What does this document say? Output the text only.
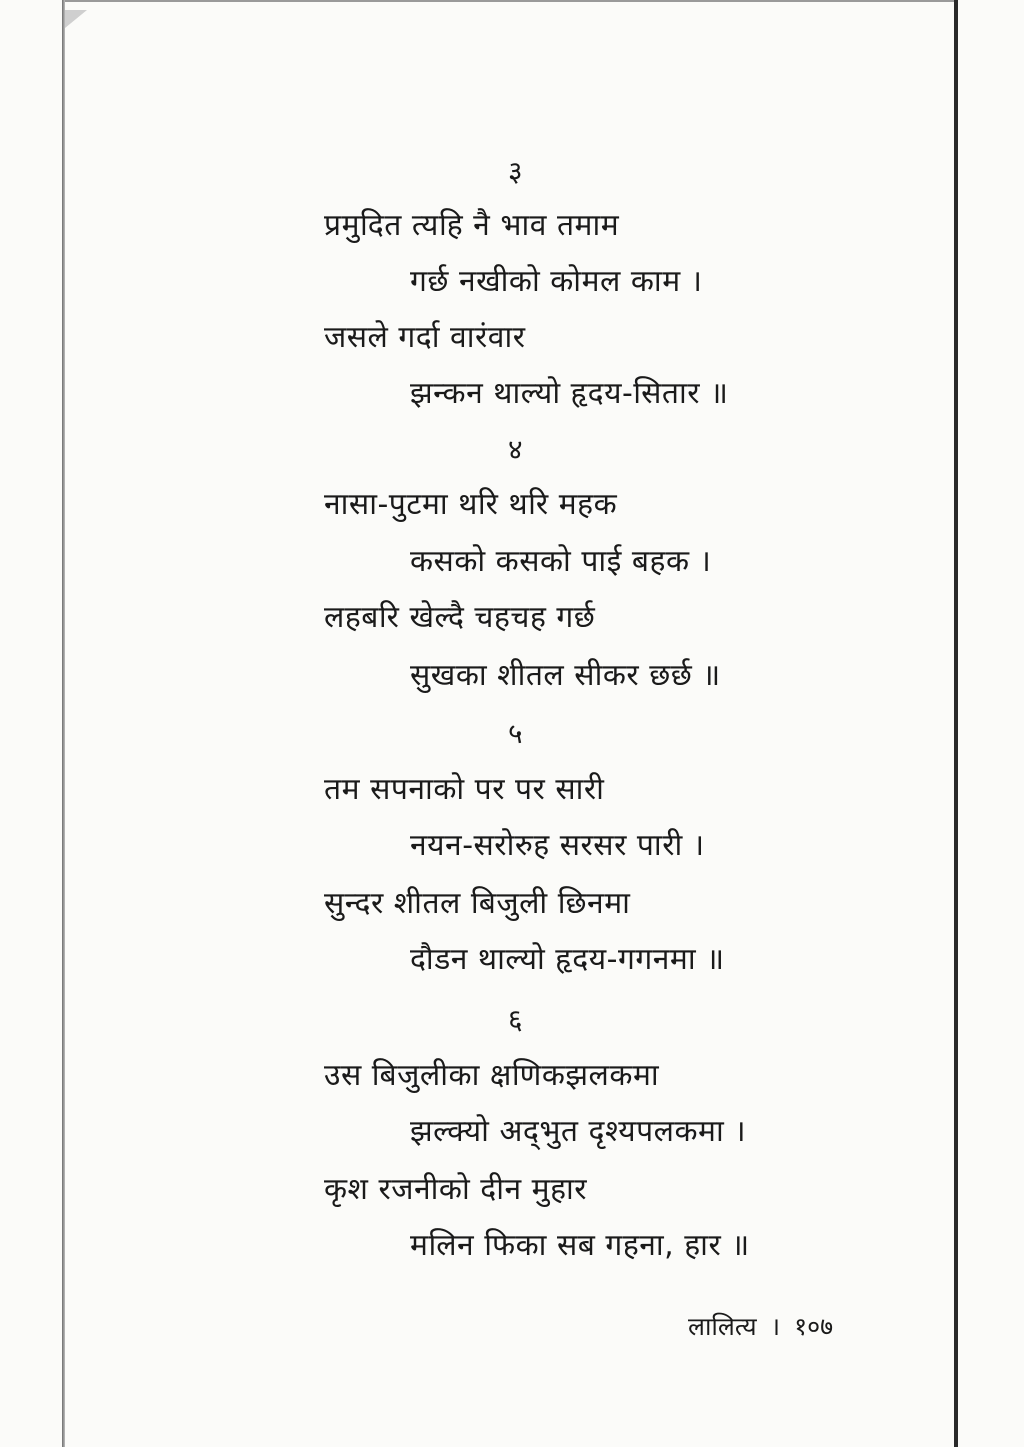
३
प्रमुदित त्यहि नै भाव तमाम
गर्छ नखीको कोमल काम ।
जसले गर्दा वारंवार
झन्कन थाल्यो हृदय-सितार ॥
४
नासा-पुटमा थरि थरि महक
कसको कसको पाई बहक ।
लहबरि खेल्दै चहचह गर्छ
सुखका शीतल सीकर छर्छ ॥
५
तम सपनाको पर पर सारी
नयन-सरोरुह सरसर पारी ।
सुन्दर शीतल बिजुली छिनमा
दौडन थाल्यो हृदय-गगनमा ॥
६
उस बिजुलीका क्षणिकझलकमा
झल्क्यो अद्‌भुत दृश्यपलकमा ।
कृश रजनीको दीन मुहार
मलिन फिका सब गहना, हार ॥
लालित्य । १०७
